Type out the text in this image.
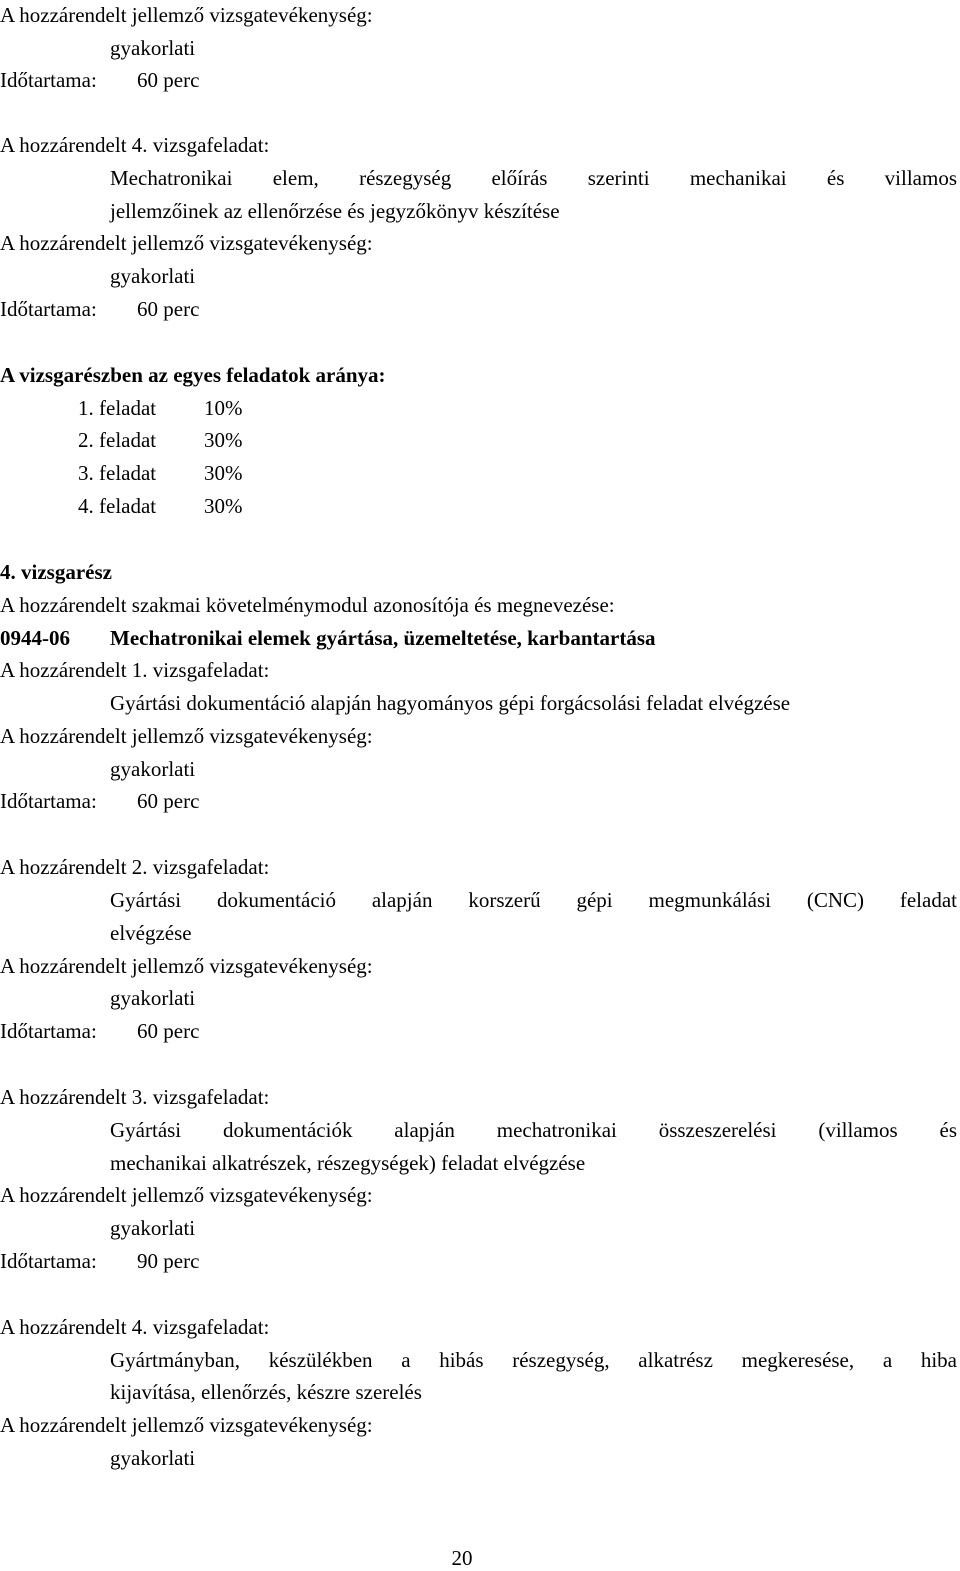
A hozzárendelt jellemző vizsgatevékenység:
gyakorlati
Időtartama: 60 perc
A hozzárendelt 4. vizsgafeladat:
Mechatronikai elem, részegység előírás szerinti mechanikai és villamos
jellemzőinek az ellenőrzése és jegyzőkönyv készítése
A hozzárendelt jellemző vizsgatevékenység:
gyakorlati
Időtartama: 60 perc
A vizsgarészben az egyes feladatok aránya:
1. feladat 10%
2. feladat 30%
3. feladat 30%
4. feladat 30%
4. vizsgarész
A hozzárendelt szakmai követelménymodul azonosítója és megnevezése:
0944-06 Mechatronikai elemek gyártása, üzemeltetése, karbantartása
A hozzárendelt 1. vizsgafeladat:
Gyártási dokumentáció alapján hagyományos gépi forgácsolási feladat elvégzése
A hozzárendelt jellemző vizsgatevékenység:
gyakorlati
Időtartama: 60 perc
A hozzárendelt 2. vizsgafeladat:
Gyártási dokumentáció alapján korszerű gépi megmunkálási (CNC) feladat
elvégzése
A hozzárendelt jellemző vizsgatevékenység:
gyakorlati
Időtartama: 60 perc
A hozzárendelt 3. vizsgafeladat:
Gyártási dokumentációk alapján mechatronikai összeszerelési (villamos és
mechanikai alkatrészek, részegységek) feladat elvégzése
A hozzárendelt jellemző vizsgatevékenység:
gyakorlati
Időtartama: 90 perc
A hozzárendelt 4. vizsgafeladat:
Gyártmányban, készülékben a hibás részegység, alkatrész megkeresése, a hiba
kijavítása, ellenőrzés, készre szerelés
A hozzárendelt jellemző vizsgatevékenység:
gyakorlati
20
